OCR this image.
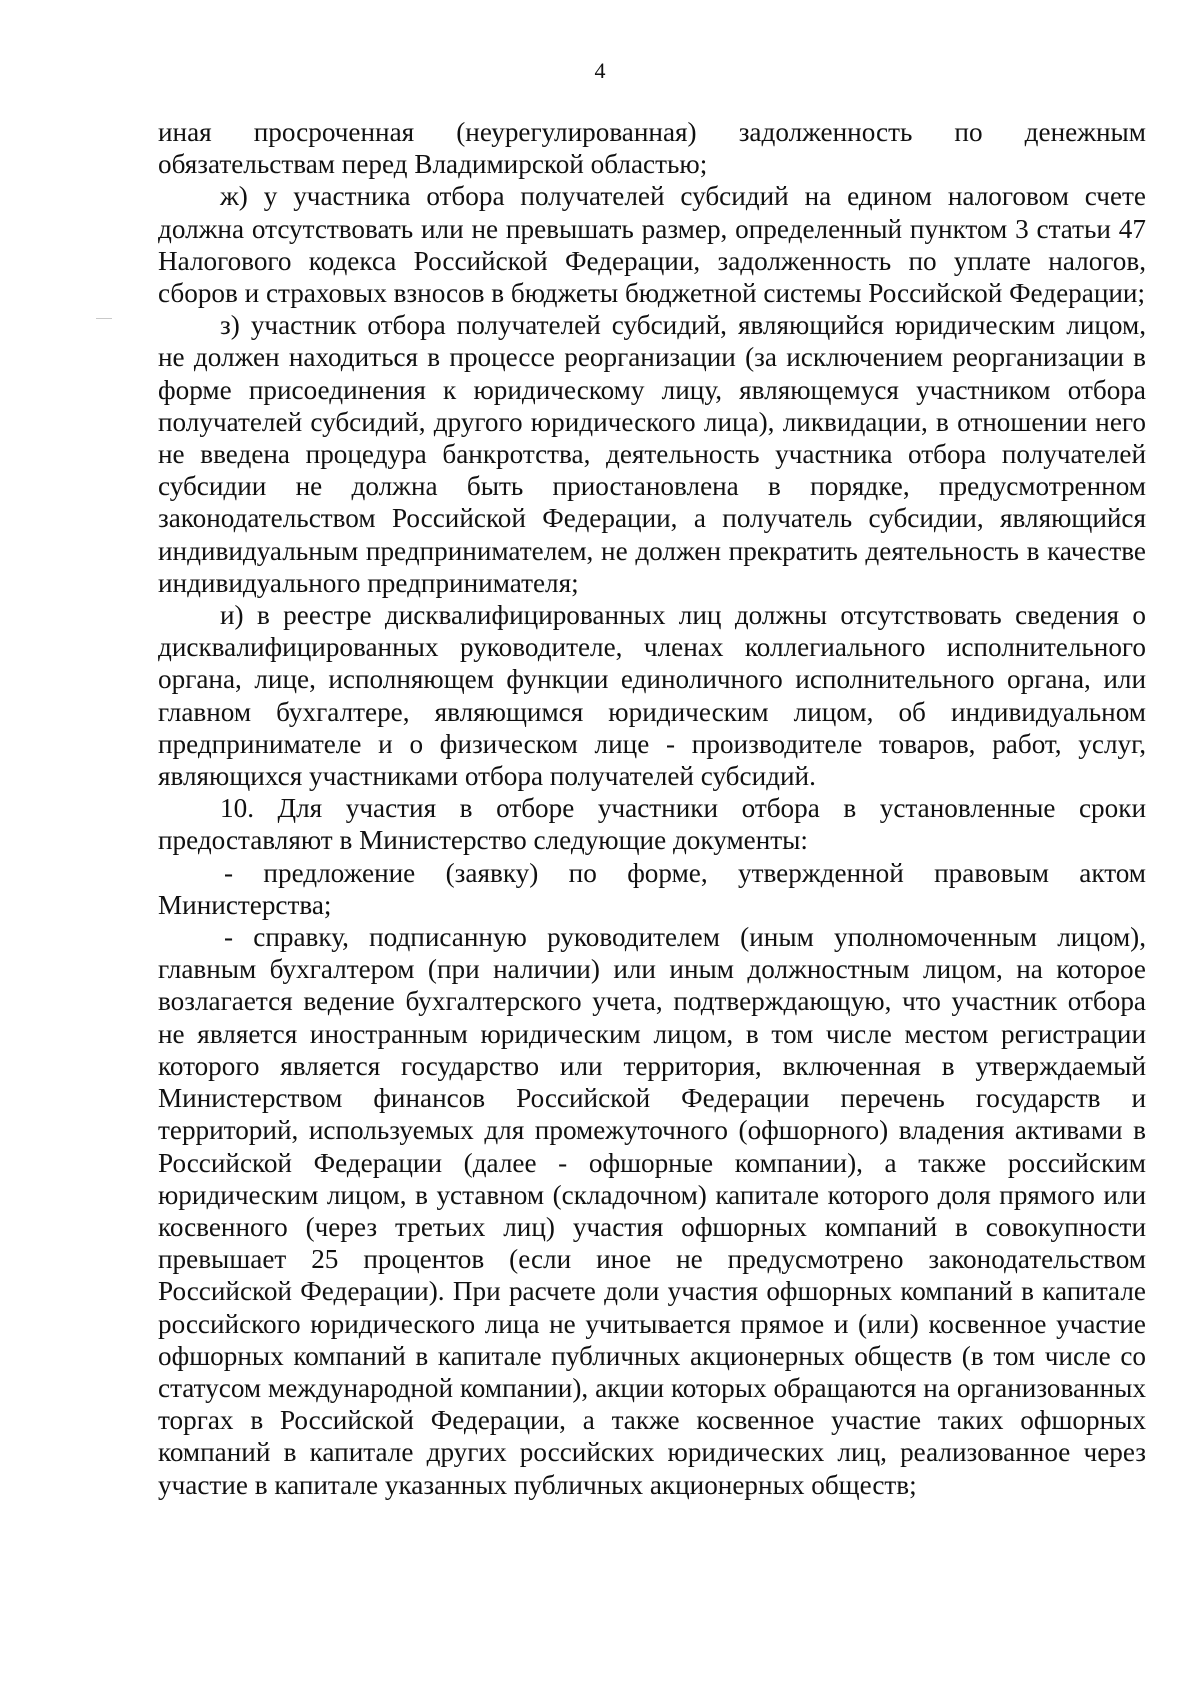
4

иная просроченная (неурегулированная) задолженность по денежным обязательствам перед Владимирской областью;

ж) у участника отбора получателей субсидий на едином налоговом счете должна отсутствовать или не превышать размер, определенный пунктом 3 статьи 47 Налогового кодекса Российской Федерации, задолженность по уплате налогов, сборов и страховых взносов в бюджеты бюджетной системы Российской Федерации;

з) участник отбора получателей субсидий, являющийся юридическим лицом, не должен находиться в процессе реорганизации (за исключением реорганизации в форме присоединения к юридическому лицу, являющемуся участником отбора получателей субсидий, другого юридического лица), ликвидации, в отношении него не введена процедура банкротства, деятельность участника отбора получателей субсидии не должна быть приостановлена в порядке, предусмотренном законодательством Российской Федерации, а получатель субсидии, являющийся индивидуальным предпринимателем, не должен прекратить деятельность в качестве индивидуального предпринимателя;

и) в реестре дисквалифицированных лиц должны отсутствовать сведения о дисквалифицированных руководителе, членах коллегиального исполнительного органа, лице, исполняющем функции единоличного исполнительного органа, или главном бухгалтере, являющимся юридическим лицом, об индивидуальном предпринимателе и о физическом лице - производителе товаров, работ, услуг, являющихся участниками отбора получателей субсидий.

10. Для участия в отборе участники отбора в установленные сроки предоставляют в Министерство следующие документы:

- предложение (заявку) по форме, утвержденной правовым актом Министерства;

- справку, подписанную руководителем (иным уполномоченным лицом), главным бухгалтером (при наличии) или иным должностным лицом, на которое возлагается ведение бухгалтерского учета, подтверждающую, что участник отбора не является иностранным юридическим лицом, в том числе местом регистрации которого является государство или территория, включенная в утверждаемый Министерством финансов Российской Федерации перечень государств и территорий, используемых для промежуточного (офшорного) владения активами в Российской Федерации (далее - офшорные компании), а также российским юридическим лицом, в уставном (складочном) капитале которого доля прямого или косвенного (через третьих лиц) участия офшорных компаний в совокупности превышает 25 процентов (если иное не предусмотрено законодательством Российской Федерации). При расчете доли участия офшорных компаний в капитале российского юридического лица не учитывается прямое и (или) косвенное участие офшорных компаний в капитале публичных акционерных обществ (в том числе со статусом международной компании), акции которых обращаются на организованных торгах в Российской Федерации, а также косвенное участие таких офшорных компаний в капитале других российских юридических лиц, реализованное через участие в капитале указанных публичных акционерных обществ;
